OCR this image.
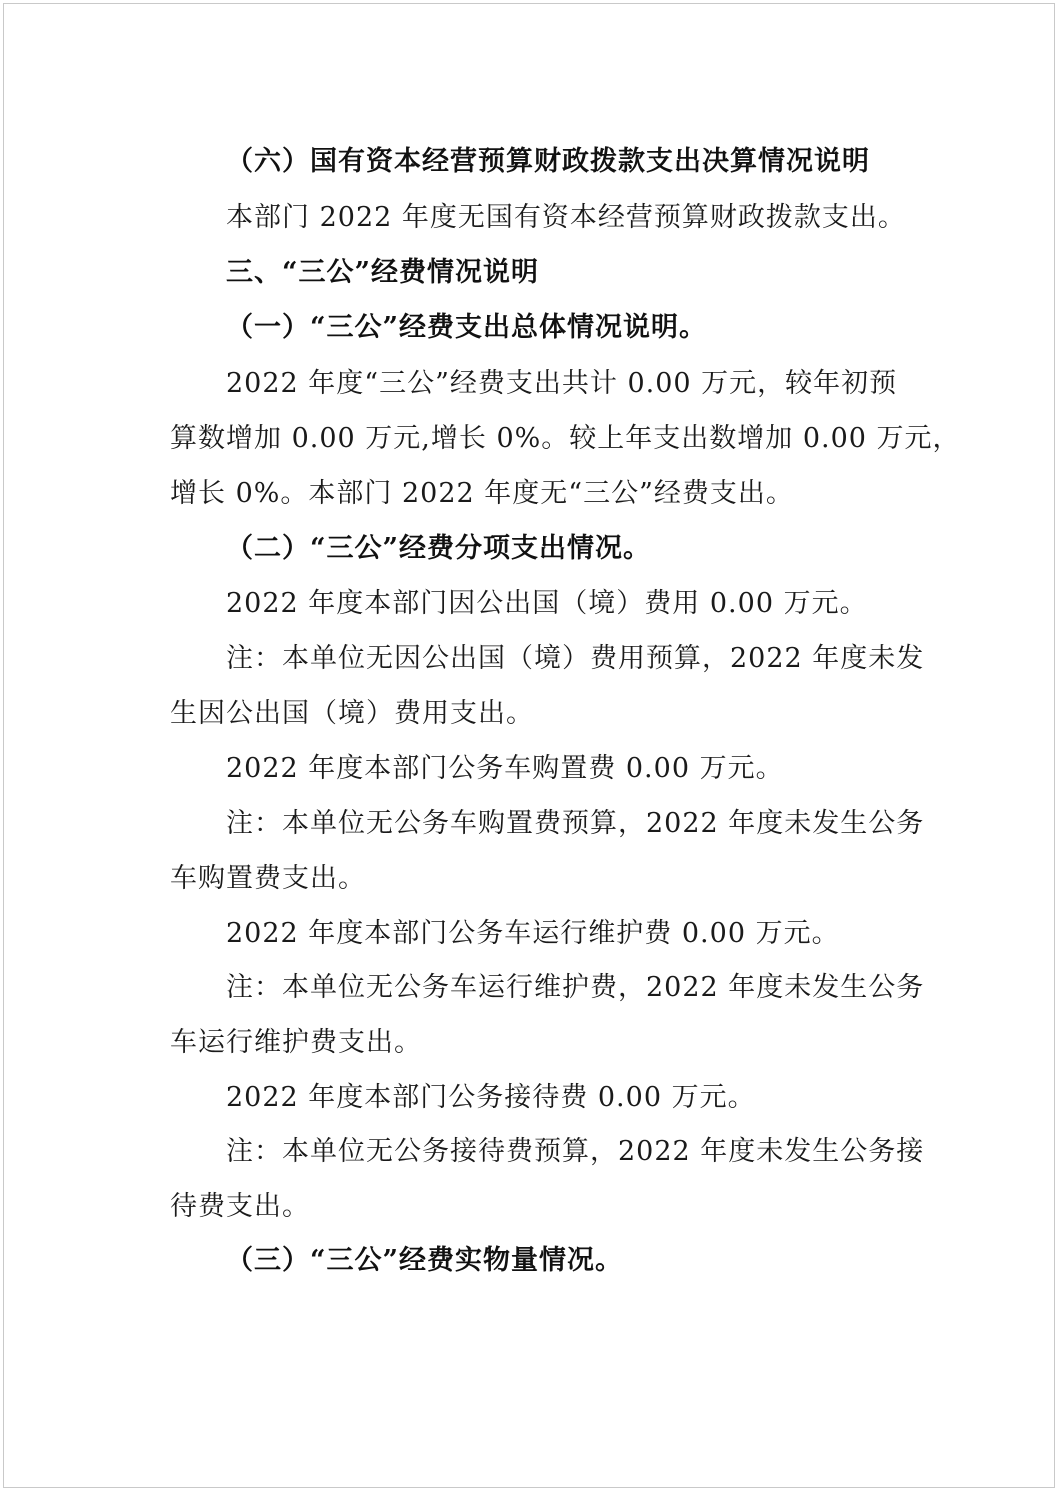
（六）国有资本经营预算财政拨款支出决算情况说明
本部门 2022 年度无国有资本经营预算财政拨款支出。
三、“三公”经费情况说明
（一）“三公”经费支出总体情况说明。
2022 年度“三公”经费支出共计 0.00 万元，较年初预
算数增加 0.00 万元,增长 0%。较上年支出数增加 0.00 万元，
增长 0%。本部门 2022 年度无“三公”经费支出。
（二）“三公”经费分项支出情况。
2022 年度本部门因公出国（境）费用 0.00 万元。
注：本单位无因公出国（境）费用预算，2022 年度未发
生因公出国（境）费用支出。
2022 年度本部门公务车购置费 0.00 万元。
注：本单位无公务车购置费预算，2022 年度未发生公务
车购置费支出。
2022 年度本部门公务车运行维护费 0.00 万元。
注：本单位无公务车运行维护费，2022 年度未发生公务
车运行维护费支出。
2022 年度本部门公务接待费 0.00 万元。
注：本单位无公务接待费预算，2022 年度未发生公务接
待费支出。
（三）“三公”经费实物量情况。
